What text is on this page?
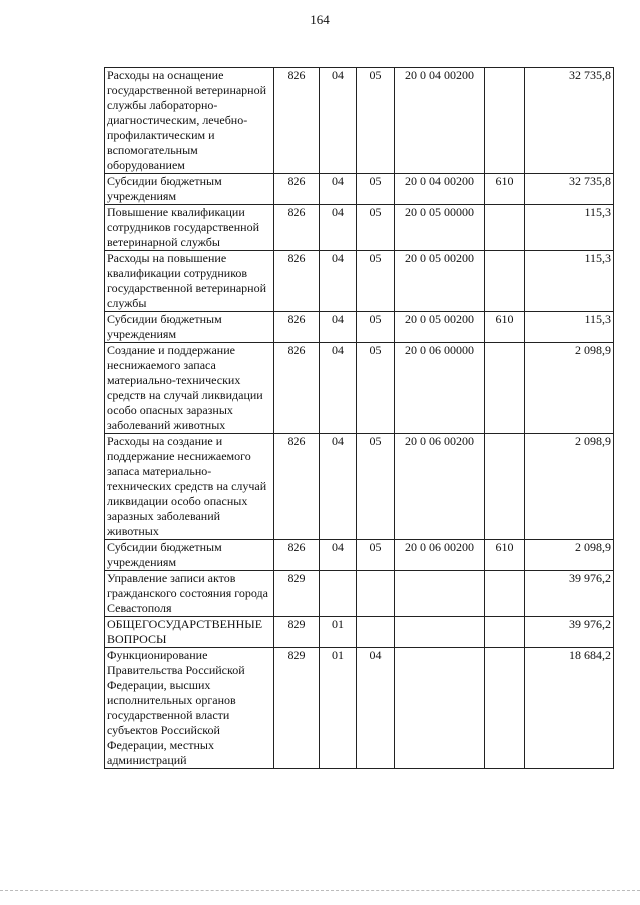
164
Расходы на оснащение государственной ветеринарной службы лабораторно-диагностическим, лечебно-профилактическим и вспомогательным оборудованием	826	04	05	20 0 04 00200		32 735,8
Субсидии бюджетным учреждениям	826	04	05	20 0 04 00200	610	32 735,8
Повышение квалификации сотрудников государственной ветеринарной службы	826	04	05	20 0 05 00000		115,3
Расходы на повышение квалификации сотрудников государственной ветеринарной службы	826	04	05	20 0 05 00200		115,3
Субсидии бюджетным учреждениям	826	04	05	20 0 05 00200	610	115,3
Создание и поддержание неснижаемого запаса материально-технических средств на случай ликвидации особо опасных заразных заболеваний животных	826	04	05	20 0 06 00000		2 098,9
Расходы на создание и поддержание неснижаемого запаса материально-технических средств на случай ликвидации особо опасных заразных заболеваний животных	826	04	05	20 0 06 00200		2 098,9
Субсидии бюджетным учреждениям	826	04	05	20 0 06 00200	610	2 098,9
Управление записи актов гражданского состояния города Севастополя	829					39 976,2
ОБЩЕГОСУДАРСТВЕННЫЕ ВОПРОСЫ	829	01				39 976,2
Функционирование Правительства Российской Федерации, высших исполнительных органов государственной власти субъектов Российской Федерации, местных администраций	829	01	04			18 684,2
